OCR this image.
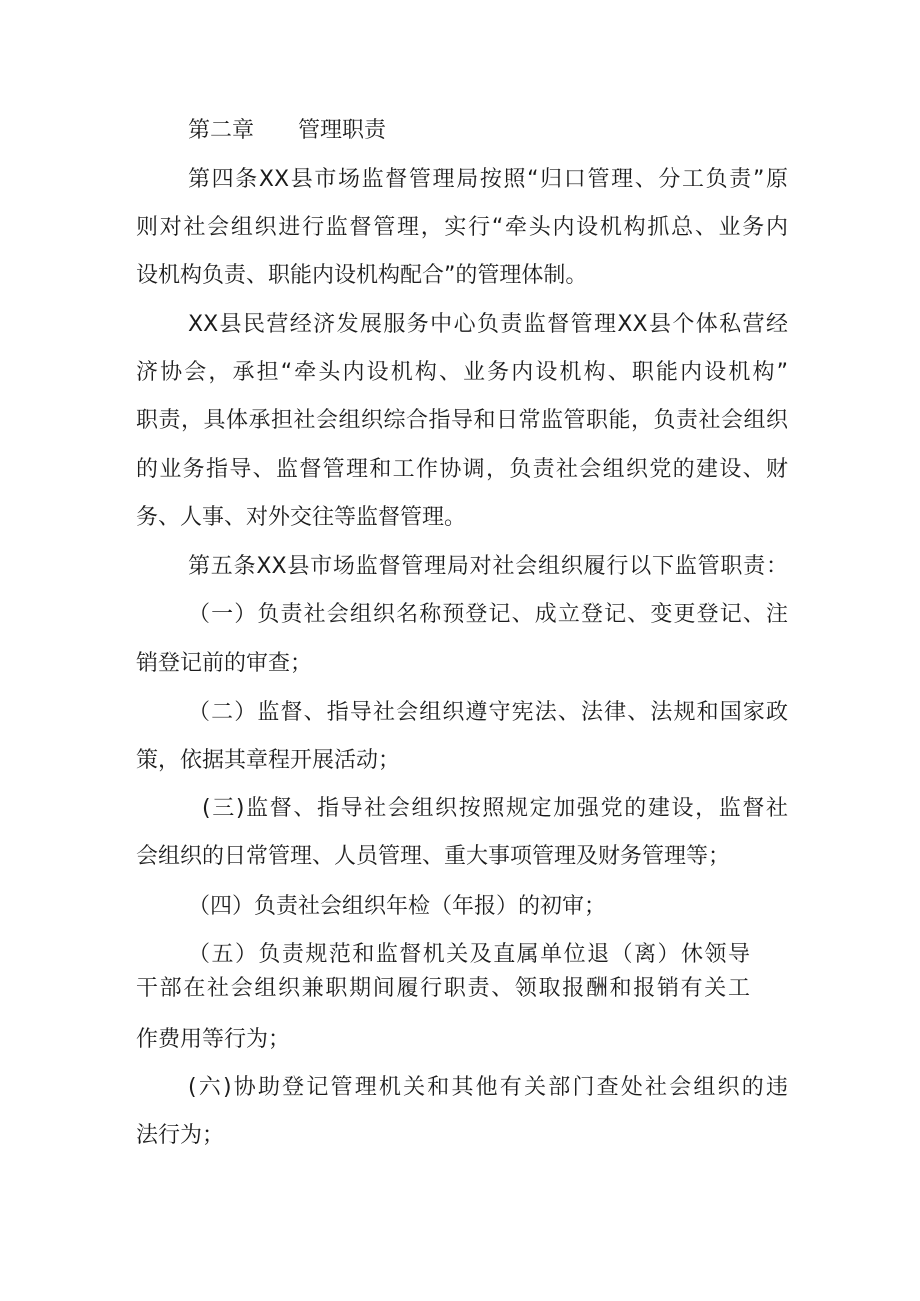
第二章　　管理职责

第四条XX县市场监督管理局按照“归口管理、分工负责”原

则对社会组织进行监督管理，实行“牵头内设机构抓总、业务内

设机构负责、职能内设机构配合”的管理体制。

XX县民营经济发展服务中心负责监督管理XX县个体私营经

济协会，承担“牵头内设机构、业务内设机构、职能内设机构”

职责，具体承担社会组织综合指导和日常监管职能，负责社会组织

的业务指导、监督管理和工作协调，负责社会组织党的建设、财

务、人事、对外交往等监督管理。

第五条XX县市场监督管理局对社会组织履行以下监管职责：

（一）负责社会组织名称预登记、成立登记、变更登记、注

销登记前的审查；

（二）监督、指导社会组织遵守宪法、法律、法规和国家政

策，依据其章程开展活动；

(三)监督、指导社会组织按照规定加强党的建设，监督社

会组织的日常管理、人员管理、重大事项管理及财务管理等；

（四）负责社会组织年检（年报）的初审；

（五）负责规范和监督机关及直属单位退（离）休领导

干部在社会组织兼职期间履行职责、领取报酬和报销有关工

作费用等行为；

(六)协助登记管理机关和其他有关部门查处社会组织的违

法行为；
